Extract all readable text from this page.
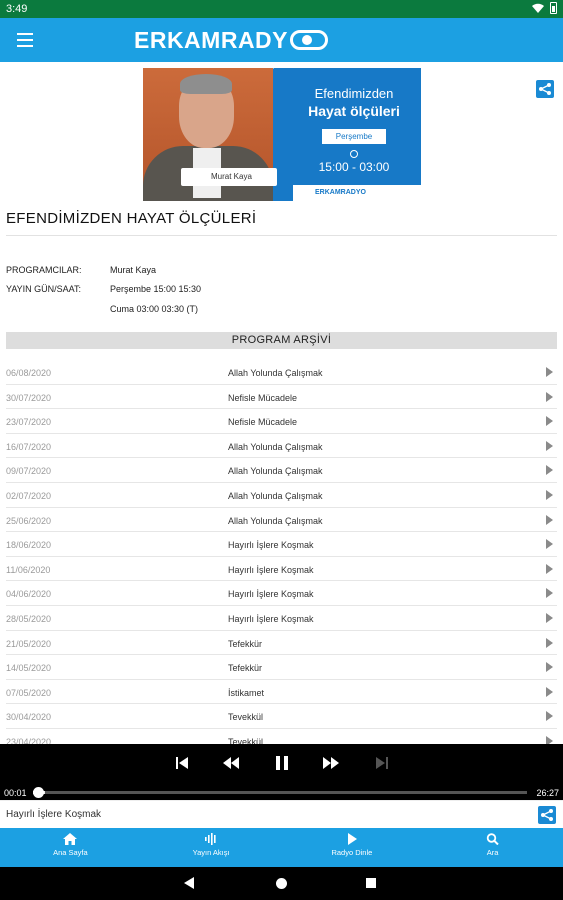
3:49
ERKAMRADY
Murat Kaya
Efendimizden
Hayat ölçüleri
Perşembe
15:00 - 03:00
ERKAMRADYO
EFENDİMİZDEN HAYAT ÖLÇÜLERİ
PROGRAMCILAR:	Murat Kaya
YAYIN GÜN/SAAT:	Perşembe 15:00 15:30
Cuma 03:00 03:30 (T)
PROGRAM ARŞİVİ
06/08/2020	Allah Yolunda Çalışmak
30/07/2020	Nefisle Mücadele
23/07/2020	Nefisle Mücadele
16/07/2020	Allah Yolunda Çalışmak
09/07/2020	Allah Yolunda Çalışmak
02/07/2020	Allah Yolunda Çalışmak
25/06/2020	Allah Yolunda Çalışmak
18/06/2020	Hayırlı İşlere Koşmak
11/06/2020	Hayırlı İşlere Koşmak
04/06/2020	Hayırlı İşlere Koşmak
28/05/2020	Hayırlı İşlere Koşmak
21/05/2020	Tefekkür
14/05/2020	Tefekkür
07/05/2020	İstikamet
30/04/2020	Tevekkül
23/04/2020	Tevekkül
00:01	26:27
Hayırlı İşlere Koşmak
Ana Sayfa	Yayın Akışı	Radyo Dinle	Ara
